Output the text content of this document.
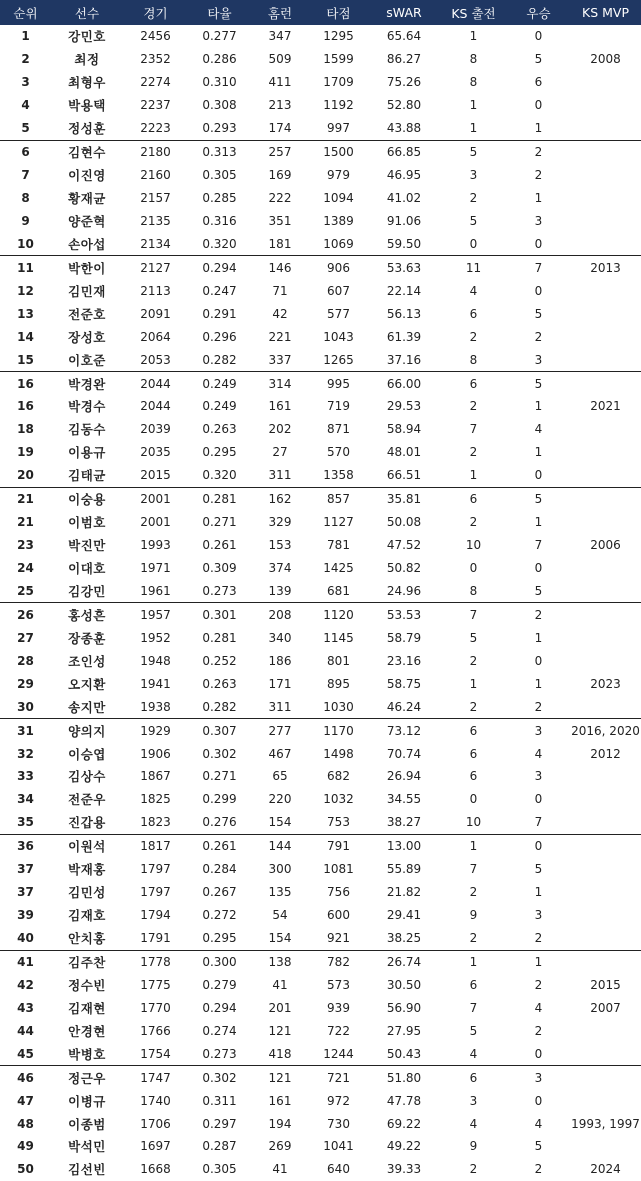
순위	선수	경기	타율	홈런	타점	sWAR	KS 출전	우승	KS MVP
1	강민호	2456	0.277	347	1295	65.64	1	0	
2	최정	2352	0.286	509	1599	86.27	8	5	2008
3	최형우	2274	0.310	411	1709	75.26	8	6	
4	박용택	2237	0.308	213	1192	52.80	1	0	
5	정성훈	2223	0.293	174	997	43.88	1	1	
6	김현수	2180	0.313	257	1500	66.85	5	2	
7	이진영	2160	0.305	169	979	46.95	3	2	
8	황재균	2157	0.285	222	1094	41.02	2	1	
9	양준혁	2135	0.316	351	1389	91.06	5	3	
10	손아섭	2134	0.320	181	1069	59.50	0	0	
11	박한이	2127	0.294	146	906	53.63	11	7	2013
12	김민재	2113	0.247	71	607	22.14	4	0	
13	전준호	2091	0.291	42	577	56.13	6	5	
14	장성호	2064	0.296	221	1043	61.39	2	2	
15	이호준	2053	0.282	337	1265	37.16	8	3	
16	박경완	2044	0.249	314	995	66.00	6	5	
16	박경수	2044	0.249	161	719	29.53	2	1	2021
18	김동수	2039	0.263	202	871	58.94	7	4	
19	이용규	2035	0.295	27	570	48.01	2	1	
20	김태균	2015	0.320	311	1358	66.51	1	0	
21	이숭용	2001	0.281	162	857	35.81	6	5	
21	이범호	2001	0.271	329	1127	50.08	2	1	
23	박진만	1993	0.261	153	781	47.52	10	7	2006
24	이대호	1971	0.309	374	1425	50.82	0	0	
25	김강민	1961	0.273	139	681	24.96	8	5	
26	홍성흔	1957	0.301	208	1120	53.53	7	2	
27	장종훈	1952	0.281	340	1145	58.79	5	1	
28	조인성	1948	0.252	186	801	23.16	2	0	
29	오지환	1941	0.263	171	895	58.75	1	1	2023
30	송지만	1938	0.282	311	1030	46.24	2	2	
31	양의지	1929	0.307	277	1170	73.12	6	3	2016, 2020
32	이승엽	1906	0.302	467	1498	70.74	6	4	2012
33	김상수	1867	0.271	65	682	26.94	6	3	
34	전준우	1825	0.299	220	1032	34.55	0	0	
35	진갑용	1823	0.276	154	753	38.27	10	7	
36	이원석	1817	0.261	144	791	13.00	1	0	
37	박재홍	1797	0.284	300	1081	55.89	7	5	
37	김민성	1797	0.267	135	756	21.82	2	1	
39	김재호	1794	0.272	54	600	29.41	9	3	
40	안치홍	1791	0.295	154	921	38.25	2	2	
41	김주찬	1778	0.300	138	782	26.74	1	1	
42	정수빈	1775	0.279	41	573	30.50	6	2	2015
43	김재현	1770	0.294	201	939	56.90	7	4	2007
44	안경현	1766	0.274	121	722	27.95	5	2	
45	박병호	1754	0.273	418	1244	50.43	4	0	
46	정근우	1747	0.302	121	721	51.80	6	3	
47	이병규	1740	0.311	161	972	47.78	3	0	
48	이종범	1706	0.297	194	730	69.22	4	4	1993, 1997
49	박석민	1697	0.287	269	1041	49.22	9	5	
50	김선빈	1668	0.305	41	640	39.33	2	2	2024
